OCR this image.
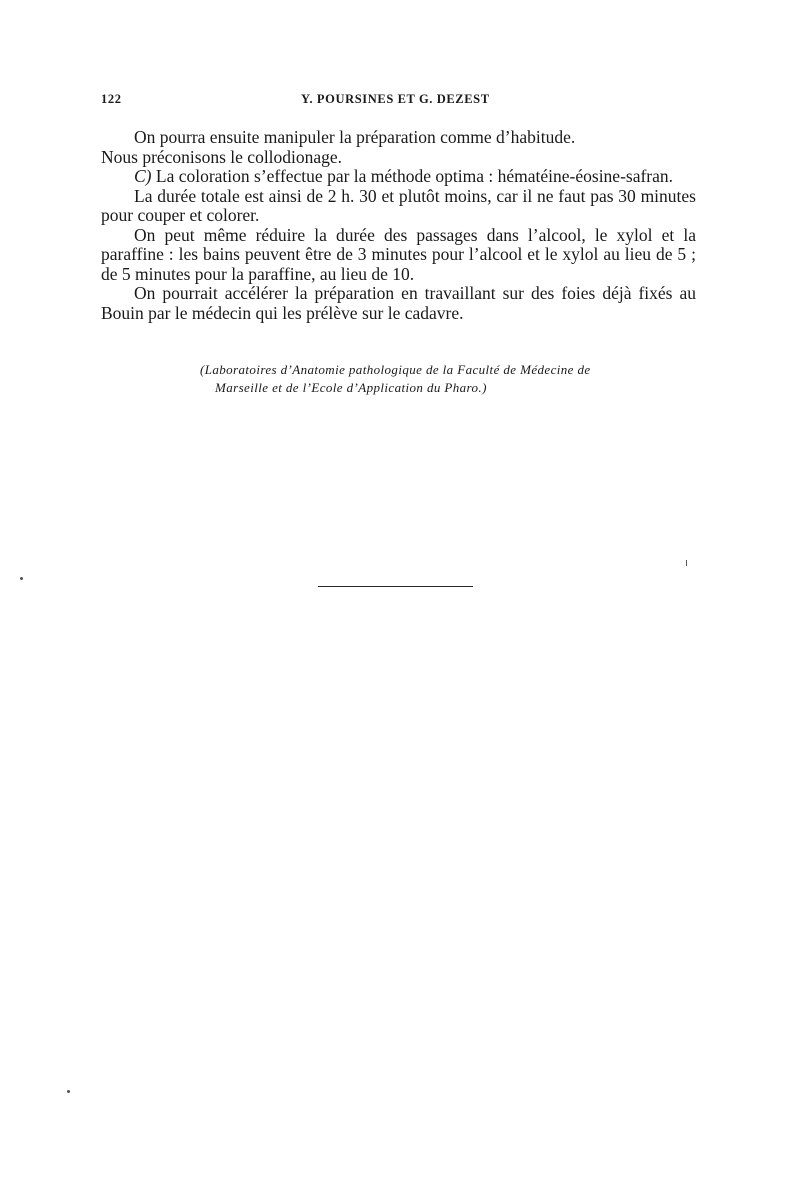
122	Y. POURSINES ET G. DEZEST

On pourra ensuite manipuler la préparation comme d’habitude.

Nous préconisons le collodionage.

C) La coloration s’effectue par la méthode optima : hématéine-éosine-safran.

La durée totale est ainsi de 2 h. 30 et plutôt moins, car il ne faut pas 30 minutes pour couper et colorer.

On peut même réduire la durée des passages dans l’alcool, le xylol et la paraffine : les bains peuvent être de 3 minutes pour l’alcool et le xylol au lieu de 5 ; de 5 minutes pour la paraffine, au lieu de 10.

On pourrait accélérer la préparation en travaillant sur des foies déjà fixés au Bouin par le médecin qui les prélève sur le cadavre.

(Laboratoires d’Anatomie pathologique de la Faculté de Médecine de
Marseille et de l’Ecole d’Application du Pharo.)
